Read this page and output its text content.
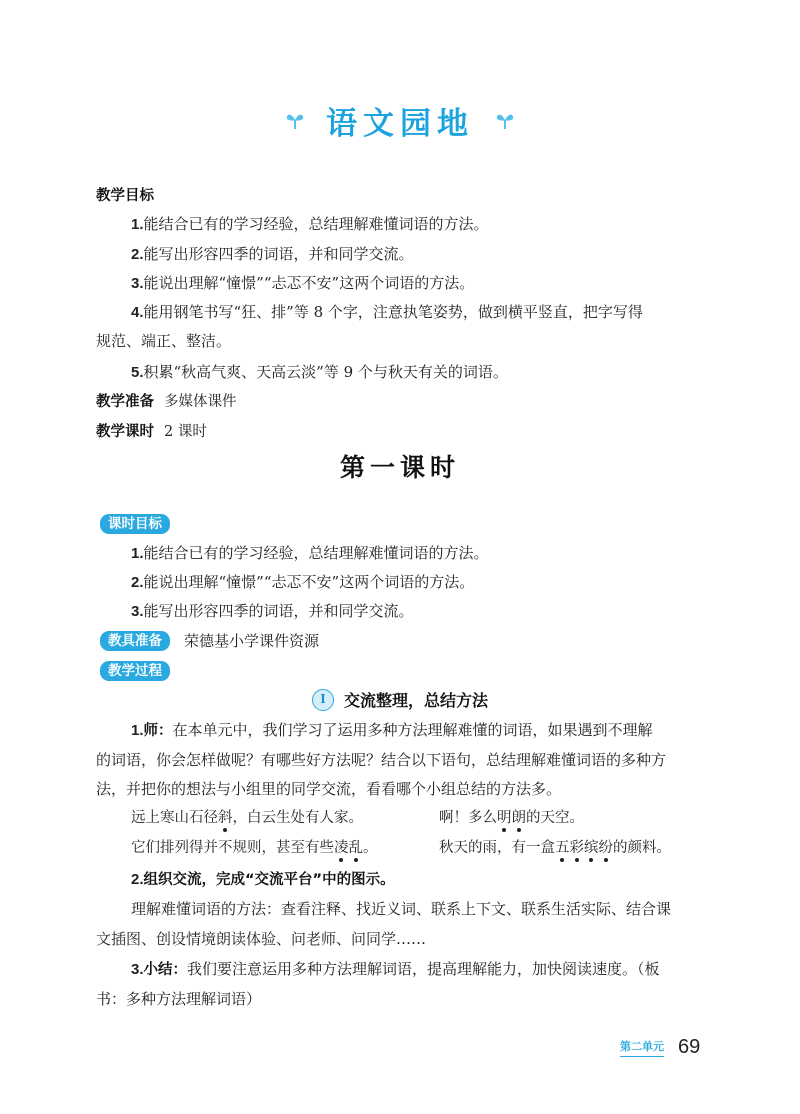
语文园地
教学目标
1.能结合已有的学习经验，总结理解难懂词语的方法。
2.能写出形容四季的词语，并和同学交流。
3.能说出理解“憧憬”“忐忑不安”这两个词语的方法。
4.能用钢笔书写“狂、排”等 8 个字，注意执笔姿势，做到横平竖直，把字写得
规范、端正、整洁。
5.积累“秋高气爽、天高云淡”等 9 个与秋天有关的词语。
教学准备 多媒体课件
教学课时 2 课时
第一课时
课时目标
1.能结合已有的学习经验，总结理解难懂词语的方法。
2.能说出理解“憧憬”“忐忑不安”这两个词语的方法。
3.能写出形容四季的词语，并和同学交流。
教具准备	荣德基小学课件资源
教学过程
I	交流整理，总结方法
1.师：在本单元中，我们学习了运用多种方法理解难懂的词语，如果遇到不理解
的词语，你会怎样做呢？有哪些好方法呢？结合以下语句，总结理解难懂词语的多种方
法，并把你的想法与小组里的同学交流，看看哪个小组总结的方法多。
远上寒山石径斜，白云生处有人家。	啊！多么明朗的天空。
它们排列得并不规则，甚至有些凌乱。	秋天的雨，有一盒五彩缤纷的颜料。
2.组织交流，完成“交流平台”中的图示。
理解难懂词语的方法：查看注释、找近义词、联系上下文、联系生活实际、结合课
文插图、创设情境朗读体验、问老师、问同学……
3.小结：我们要注意运用多种方法理解词语，提高理解能力，加快阅读速度。（板
书：多种方法理解词语）
第二单元 69
